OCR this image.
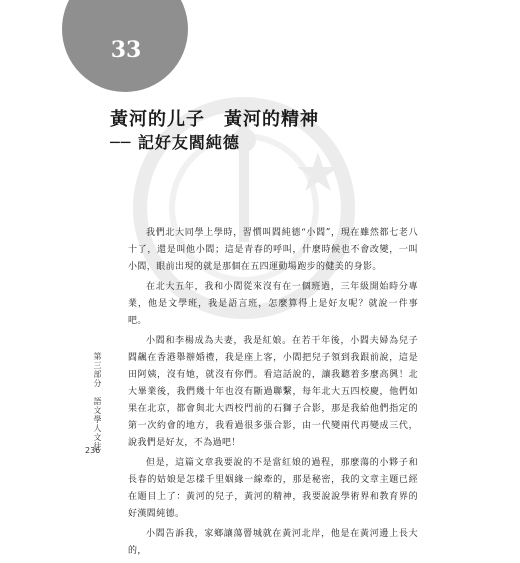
33
黃河的儿子　黃河的精神
── 記好友閻純德

我們北大同學上學時，習慣叫閻純德“小閻”，現在雖然都七老八十了，還是叫他小閻；這是青春的呼叫，什麼時候也不會改變，一叫小閻，眼前出現的就是那個在五四運動場跑步的健美的身影。

在北大五年，我和小閻從來沒有在一個班過，三年級開始時分專業，他是文學班，我是語言班，怎麼算得上是好友呢？就說一件事吧。

小閻和李楊成為夫妻，我是紅娘。在若干年後，小閻夫婦為兒子閻飆在香港舉辦婚禮，我是座上客，小閻把兒子領到我跟前說，這是田阿姨，沒有她，就沒有你們。看這話說的，讓我聽着多麼高興！北大畢業後，我們幾十年也沒有斷過聯繫，每年北大五四校慶，他們如果在北京，都會與北大西校門前的石獅子合影，那是我給他們指定的第一次約會的地方，我看過很多張合影，由一代變兩代再變成三代，說我們是好友，不為過吧！

但是，這篇文章我要說的不是當紅娘的過程，那麼蕩的小夥子和長春的姑娘是怎樣千里姻緣一線牽的，那是秘密，我的文章主題已經在題目上了：黃河的兒子，黃河的精神，我要說說學術界和教育界的好漢閻純德。

小閻告訴我，家鄉讓蕩罾城就在黃河北岸，他是在黃河邊上長大的，

第三部分　語文學人文往
236
